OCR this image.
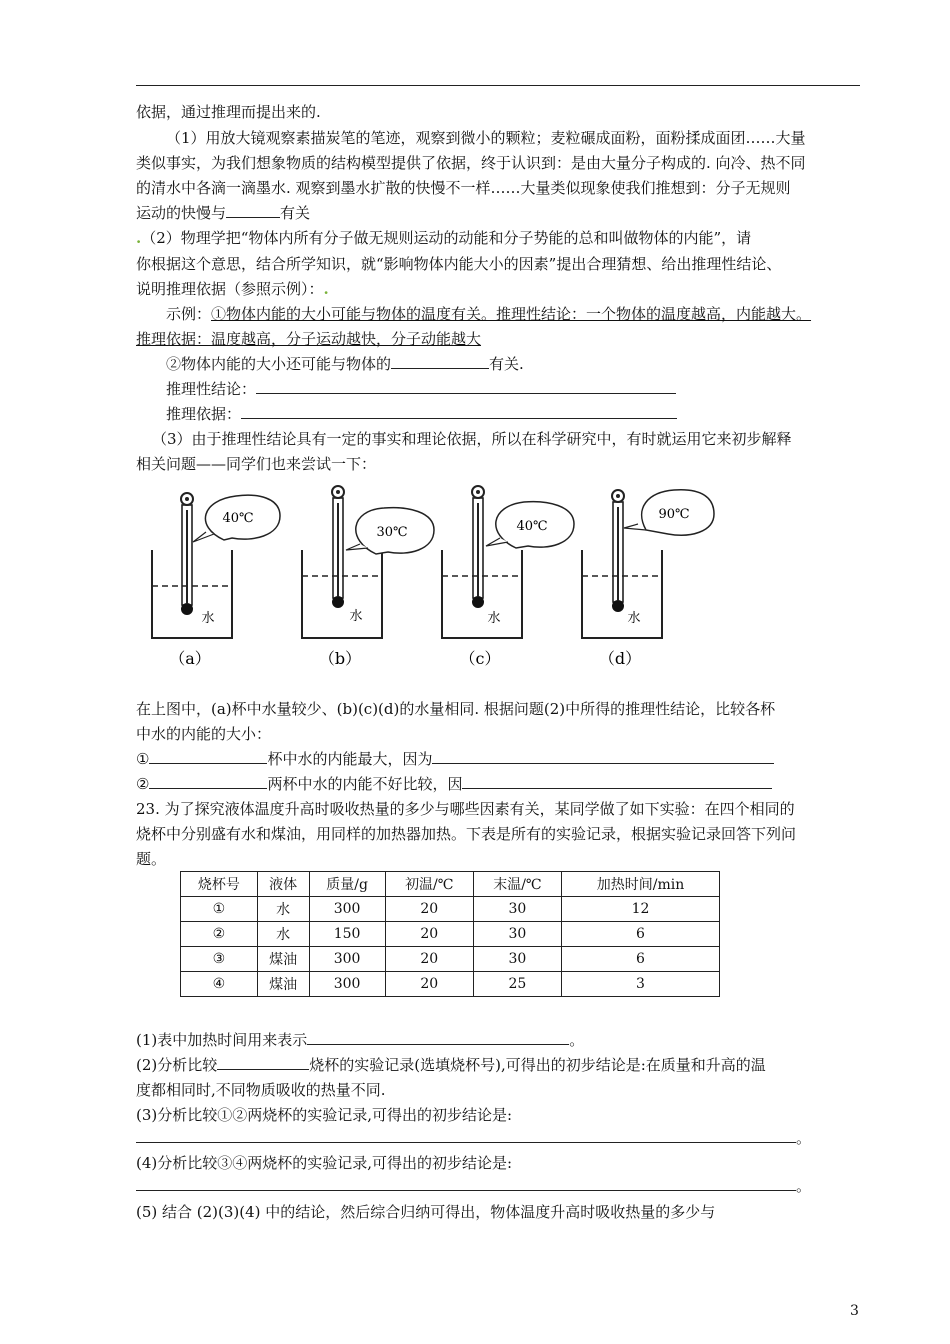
依据，通过推理而提出来的.
（1）用放大镜观察素描炭笔的笔迹，观察到微小的颗粒；麦粒碾成面粉，面粉揉成面团……大量
类似事实，为我们想象物质的结构模型提供了依据，终于认识到：是由大量分子构成的. 向冷、热不同
的清水中各滴一滴墨水. 观察到墨水扩散的快慢不一样……大量类似现象使我们推想到：分子无规则
运动的快慢与	有关
.（2）物理学把“物体内所有分子做无规则运动的动能和分子势能的总和叫做物体的内能”，请
你根据这个意思，结合所学知识，就“影响物体内能大小的因素”提出合理猜想、给出推理性结论、
说明推理依据（参照示例）：.
示例：①物体内能的大小可能与物体的温度有关。推理性结论：一个物体的温度越高，内能越大。
推理依据：温度越高，分子运动越快，分子动能越大
②物体内能的大小还可能与物体的	有关.
推理性结论：
推理依据：
（3）由于推理性结论具有一定的事实和理论依据，所以在科学研究中，有时就运用它来初步解释
相关问题——同学们也来尝试一下：
40℃
水
（a）
30℃
水
（b）
40℃
水
（c）
90℃
水
（d）
在上图中，(a)杯中水量较少、(b)(c)(d)的水量相同. 根据问题(2)中所得的推理性结论，比较各杯
中水的内能的大小：
①	杯中水的内能最大，因为
②	两杯中水的内能不好比较，因
23. 为了探究液体温度升高时吸收热量的多少与哪些因素有关，某同学做了如下实验：在四个相同的
烧杯中分别盛有水和煤油，用同样的加热器加热。下表是所有的实验记录，根据实验记录回答下列问
题。
烧杯号	液体	质量/g	初温/℃	末温/℃	加热时间/min
①	水	300	20	30	12
②	水	150	20	30	6
③	煤油	300	20	30	6
④	煤油	300	20	25	3
(1)表中加热时间用来表示	。
(2)分析比较	烧杯的实验记录(选填烧杯号),可得出的初步结论是:在质量和升高的温
度都相同时,不同物质吸收的热量不同.
(3)分析比较①②两烧杯的实验记录,可得出的初步结论是:
。
(4)分析比较③④两烧杯的实验记录,可得出的初步结论是:
。
(5) 结合 (2)(3)(4) 中的结论，然后综合归纳可得出，物体温度升高时吸收热量的多少与
3
